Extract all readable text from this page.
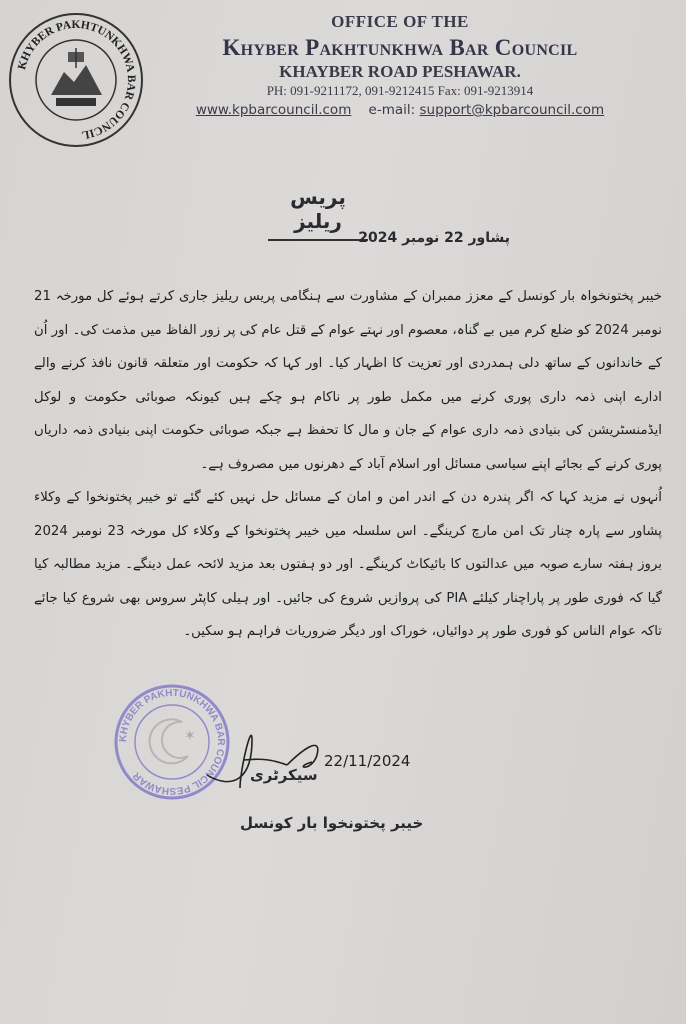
KHYBER PAKHTUNKHWA BAR COUNCIL
OFFICE OF THE
Khyber Pakhtunkhwa Bar Council
KHAYBER ROAD PESHAWAR.
PH: 091-9211172, 091-9212415 Fax: 091-9213914
www.kpbarcouncil.com e-mail: support@kpbarcouncil.com
پریس ریلیز
پشاور 22 نومبر 2024

خیبر پختونخواہ بار کونسل کے معزز ممبران کے مشاورت سے ہنگامی پریس ریلیز جاری کرتے ہوئے کل مورخہ 21 نومبر 2024 کو ضلع کرم میں بے گناہ، معصوم اور نہتے عوام کے قتل عام کی پر زور الفاظ میں مذمت کی۔ اور اُن کے خاندانوں کے ساتھ دلی ہمدردی اور تعزیت کا اظہار کیا۔ اور کہا کہ حکومت اور متعلقہ قانون نافذ کرنے والے ادارے اپنی ذمہ داری پوری کرنے میں مکمل طور پر ناکام ہو چکے ہیں کیونکہ صوبائی حکومت و لوکل ایڈمنسٹریشن کی بنیادی ذمہ داری عوام کے جان و مال کا تحفظ ہے جبکہ صوبائی حکومت اپنی بنیادی ذمہ داریاں پوری کرنے کے بجائے اپنے سیاسی مسائل اور اسلام آباد کے دھرنوں میں مصروف ہے۔

اُنہوں نے مزید کہا کہ اگر پندرہ دن کے اندر امن و امان کے مسائل حل نہیں کئے گئے تو خیبر پختونخوا کے وکلاء پشاور سے پارہ چنار تک امن مارچ کرینگے۔ اس سلسلہ میں خیبر پختونخوا کے وکلاء کل مورخہ 23 نومبر 2024 بروز ہفتہ سارے صوبہ میں عدالتوں کا بائیکاٹ کرینگے۔ اور دو ہفتوں بعد مزید لائحہ عمل دینگے۔ مزید مطالبہ کیا گیا کہ فوری طور پر پاراچنار کیلئے PIA کی پروازیں شروع کی جائیں۔ اور ہیلی کاپٹر سروس بھی شروع کیا جائے تاکہ عوام الناس کو فوری طور پر دوائیاں، خوراک اور دیگر ضروریات فراہم ہو سکیں۔

KHYBER PAKHTUNKHWA BAR COUNCIL PESHAWAR
✶
22/11/2024
سیکرٹری
خیبر پختونخوا بار کونسل
